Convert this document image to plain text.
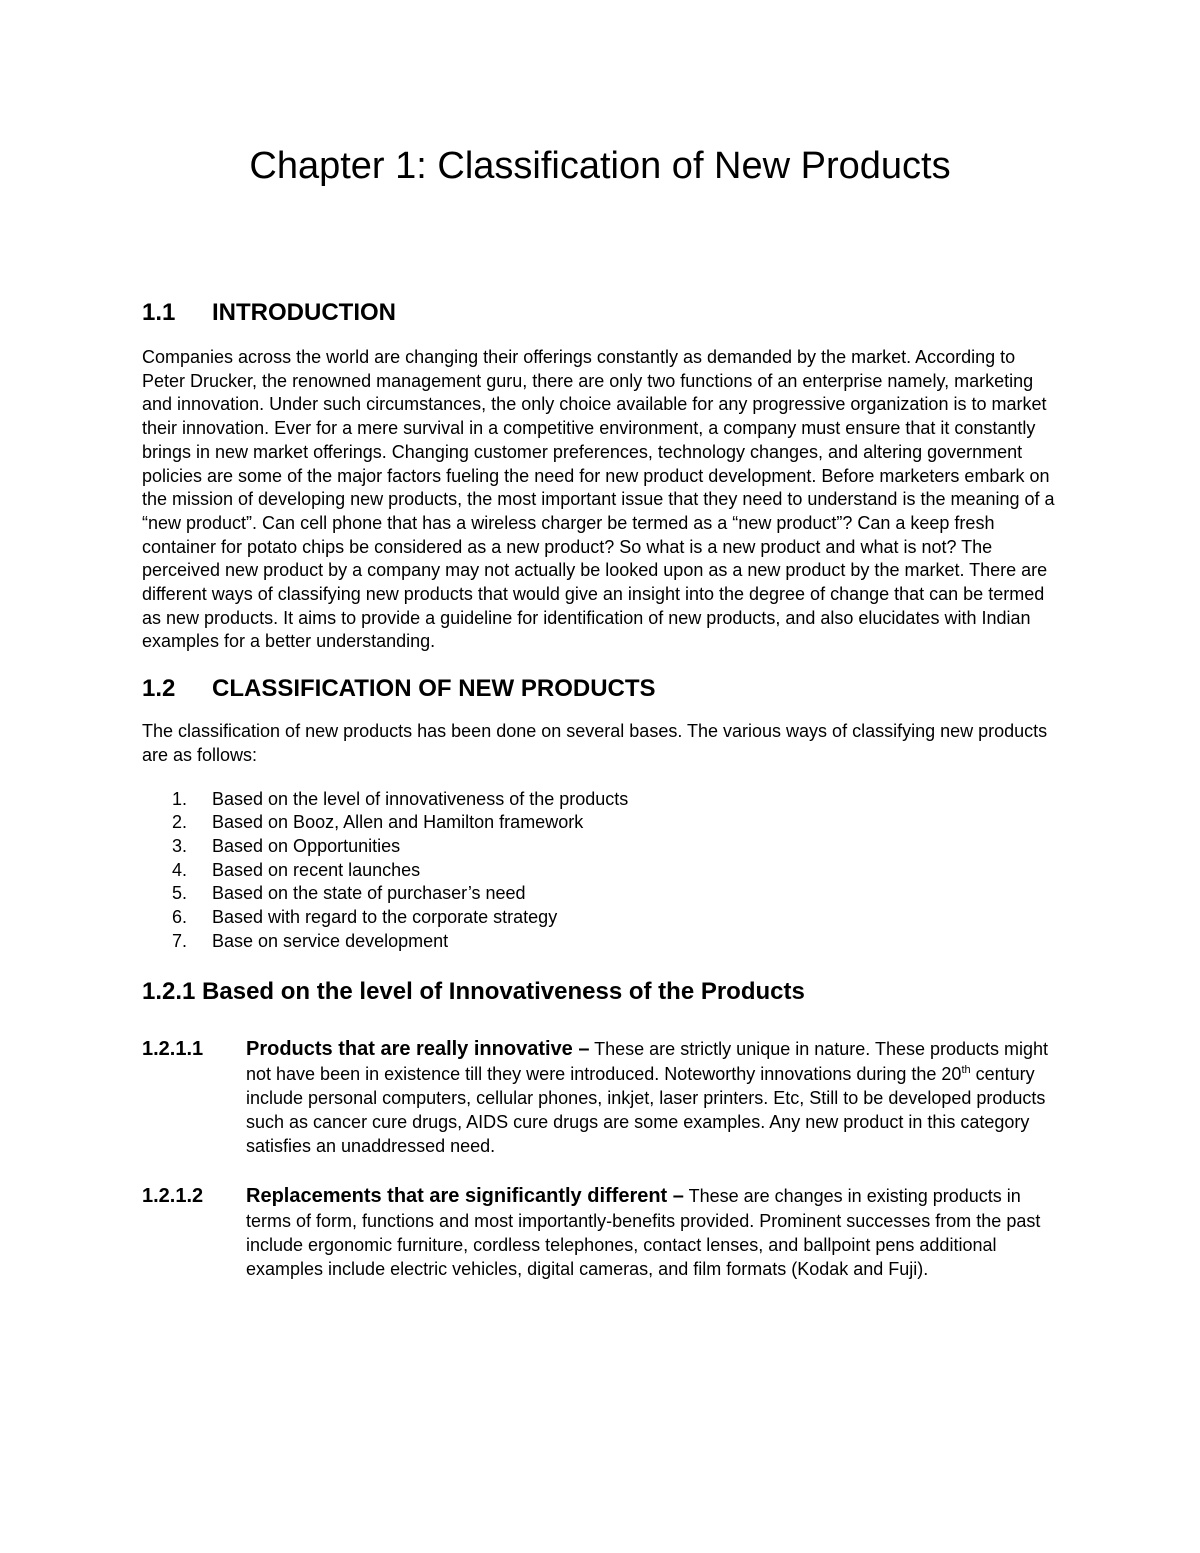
Chapter 1: Classification of New Products
1.1	INTRODUCTION

Companies across the world are changing their offerings constantly as demanded by the market. According to Peter Drucker, the renowned management guru, there are only two functions of an enterprise namely, marketing and innovation. Under such circumstances, the only choice available for any progressive organization is to market their innovation. Ever for a mere survival in a competitive environment, a company must ensure that it constantly brings in new market offerings. Changing customer preferences, technology changes, and altering government policies are some of the major factors fueling the need for new product development. Before marketers embark on the mission of developing new products, the most important issue that they need to understand is the meaning of a “new product”. Can cell phone that has a wireless charger be termed as a “new product”? Can a keep fresh container for potato chips be considered as a new product? So what is a new product and what is not? The perceived new product by a company may not actually be looked upon as a new product by the market. There are different ways of classifying new products that would give an insight into the degree of change that can be termed as new products. It aims to provide a guideline for identification of new products, and also elucidates with Indian examples for a better understanding.

1.2	CLASSIFICATION OF NEW PRODUCTS

The classification of new products has been done on several bases. The various ways of classifying new products are as follows:

1.	Based on the level of innovativeness of the products
2.	Based on Booz, Allen and Hamilton framework
3.	Based on Opportunities
4.	Based on recent launches
5.	Based on the state of purchaser’s need
6.	Based with regard to the corporate strategy
7.	Base on service development
1.2.1 Based on the level of Innovativeness of the Products
1.2.1.1	Products that are really innovative – These are strictly unique in nature. These products might not have been in existence till they were introduced. Noteworthy innovations during the 20th century include personal computers, cellular phones, inkjet, laser printers. Etc, Still to be developed products such as cancer cure drugs, AIDS cure drugs are some examples. Any new product in this category satisfies an unaddressed need.
1.2.1.2	Replacements that are significantly different – These are changes in existing products in terms of form, functions and most importantly-benefits provided. Prominent successes from the past include ergonomic furniture, cordless telephones, contact lenses, and ballpoint pens additional examples include electric vehicles, digital cameras, and film formats (Kodak and Fuji).
